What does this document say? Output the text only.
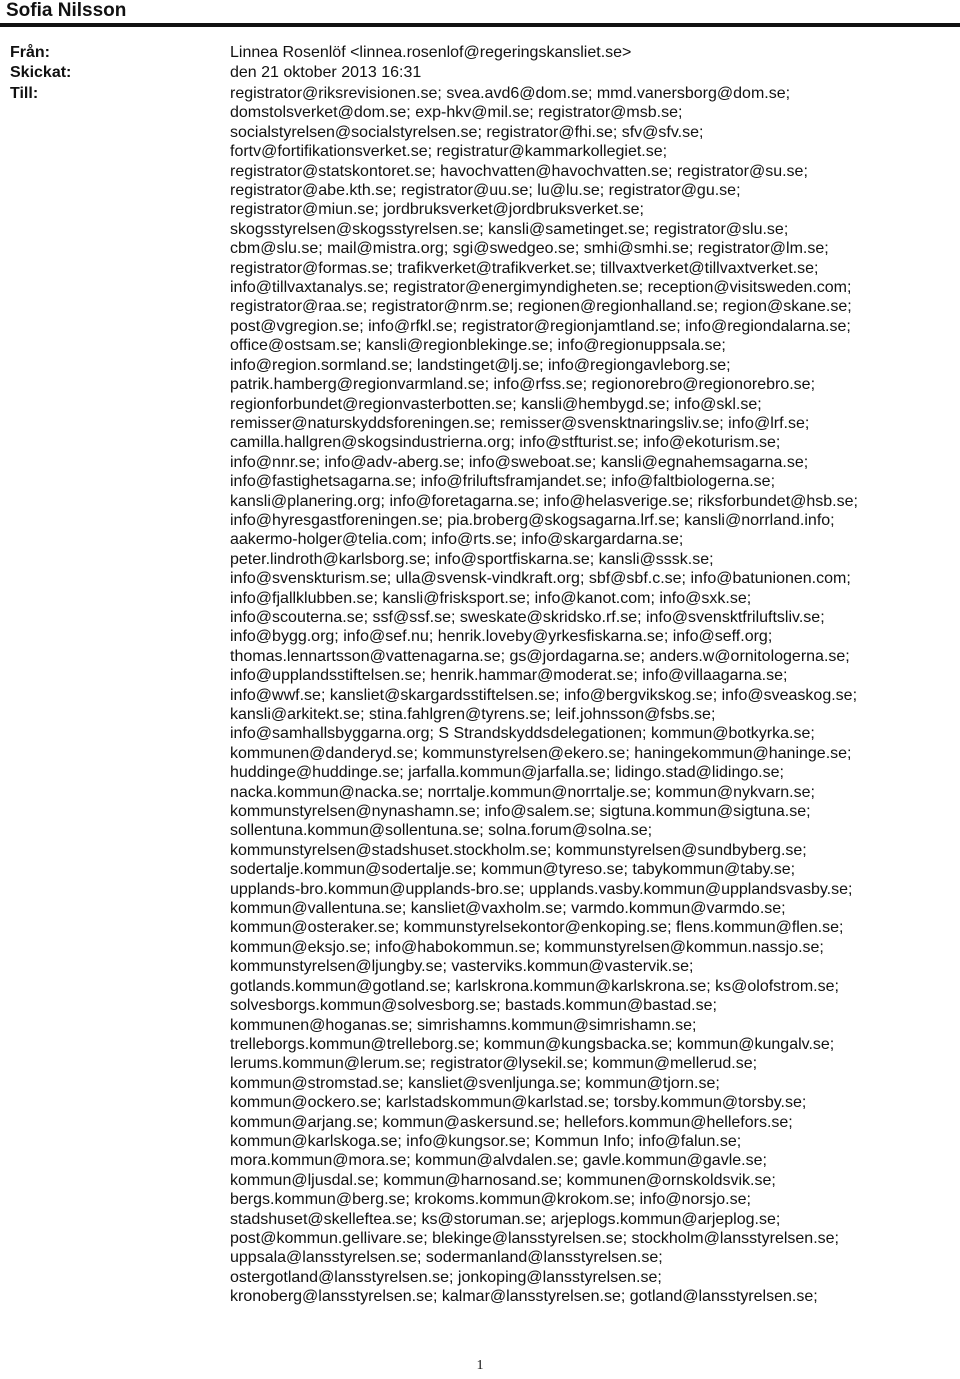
Sofia Nilsson
Från:	Linnea Rosenlöf <linnea.rosenlof@regeringskansliet.se>
Skickat:	den 21 oktober 2013 16:31
Till:	registrator@riksrevisionen.se; svea.avd6@dom.se; mmd.vanersborg@dom.se;
domstolsverket@dom.se; exp-hkv@mil.se; registrator@msb.se;
socialstyrelsen@socialstyrelsen.se; registrator@fhi.se; sfv@sfv.se;
fortv@fortifikationsverket.se; registratur@kammarkollegiet.se;
registrator@statskontoret.se; havochvatten@havochvatten.se; registrator@su.se;
registrator@abe.kth.se; registrator@uu.se; lu@lu.se; registrator@gu.se;
registrator@miun.se; jordbruksverket@jordbruksverket.se;
skogsstyrelsen@skogsstyrelsen.se; kansli@sametinget.se; registrator@slu.se;
cbm@slu.se; mail@mistra.org; sgi@swedgeo.se; smhi@smhi.se; registrator@lm.se;
registrator@formas.se; trafikverket@trafikverket.se; tillvaxtverket@tillvaxtverket.se;
info@tillvaxtanalys.se; registrator@energimyndigheten.se; reception@visitsweden.com;
registrator@raa.se; registrator@nrm.se; regionen@regionhalland.se; region@skane.se;
post@vgregion.se; info@rfkl.se; registrator@regionjamtland.se; info@regiondalarna.se;
office@ostsam.se; kansli@regionblekinge.se; info@regionuppsala.se;
info@region.sormland.se; landstinget@lj.se; info@regiongavleborg.se;
patrik.hamberg@regionvarmland.se; info@rfss.se; regionorebro@regionorebro.se;
regionforbundet@regionvasterbotten.se; kansli@hembygd.se; info@skl.se;
remisser@naturskyddsforeningen.se; remisser@svensktnaringsliv.se; info@lrf.se;
camilla.hallgren@skogsindustrierna.org; info@stfturist.se; info@ekoturism.se;
info@nnr.se; info@adv-aberg.se; info@sweboat.se; kansli@egnahemsagarna.se;
info@fastighetsagarna.se; info@friluftsframjandet.se; info@faltbiologerna.se;
kansli@planering.org; info@foretagarna.se; info@helasverige.se; riksforbundet@hsb.se;
info@hyresgastforeningen.se; pia.broberg@skogsagarna.lrf.se; kansli@norrland.info;
aakermo-holger@telia.com; info@rts.se; info@skargardarna.se;
peter.lindroth@karlsborg.se; info@sportfiskarna.se; kansli@sssk.se;
info@svenskturism.se; ulla@svensk-vindkraft.org; sbf@sbf.c.se; info@batunionen.com;
info@fjallklubben.se; kansli@frisksport.se; info@kanot.com; info@sxk.se;
info@scouterna.se; ssf@ssf.se; sweskate@skridsko.rf.se; info@svensktfriluftsliv.se;
info@bygg.org; info@sef.nu; henrik.loveby@yrkesfiskarna.se; info@seff.org;
thomas.lennartsson@vattenagarna.se; gs@jordagarna.se; anders.w@ornitologerna.se;
info@upplandsstiftelsen.se; henrik.hammar@moderat.se; info@villaagarna.se;
info@wwf.se; kansliet@skargardsstiftelsen.se; info@bergvikskog.se; info@sveaskog.se;
kansli@arkitekt.se; stina.fahlgren@tyrens.se; leif.johnsson@fsbs.se;
info@samhallsbyggarna.org; S Strandskyddsdelegationen; kommun@botkyrka.se;
kommunen@danderyd.se; kommunstyrelsen@ekero.se; haningekommun@haninge.se;
huddinge@huddinge.se; jarfalla.kommun@jarfalla.se; lidingo.stad@lidingo.se;
nacka.kommun@nacka.se; norrtalje.kommun@norrtalje.se; kommun@nykvarn.se;
kommunstyrelsen@nynashamn.se; info@salem.se; sigtuna.kommun@sigtuna.se;
sollentuna.kommun@sollentuna.se; solna.forum@solna.se;
kommunstyrelsen@stadshuset.stockholm.se; kommunstyrelsen@sundbyberg.se;
sodertalje.kommun@sodertalje.se; kommun@tyreso.se; tabykommun@taby.se;
upplands-bro.kommun@upplands-bro.se; upplands.vasby.kommun@upplandsvasby.se;
kommun@vallentuna.se; kansliet@vaxholm.se; varmdo.kommun@varmdo.se;
kommun@osteraker.se; kommunstyrelsekontor@enkoping.se; flens.kommun@flen.se;
kommun@eksjo.se; info@habokommun.se; kommunstyrelsen@kommun.nassjo.se;
kommunstyrelsen@ljungby.se; vasterviks.kommun@vastervik.se;
gotlands.kommun@gotland.se; karlskrona.kommun@karlskrona.se; ks@olofstrom.se;
solvesborgs.kommun@solvesborg.se; bastads.kommun@bastad.se;
kommunen@hoganas.se; simrishamns.kommun@simrishamn.se;
trelleborgs.kommun@trelleborg.se; kommun@kungsbacka.se; kommun@kungalv.se;
lerums.kommun@lerum.se; registrator@lysekil.se; kommun@mellerud.se;
kommun@stromstad.se; kansliet@svenljunga.se; kommun@tjorn.se;
kommun@ockero.se; karlstadskommun@karlstad.se; torsby.kommun@torsby.se;
kommun@arjang.se; kommun@askersund.se; hellefors.kommun@hellefors.se;
kommun@karlskoga.se; info@kungsor.se; Kommun Info; info@falun.se;
mora.kommun@mora.se; kommun@alvdalen.se; gavle.kommun@gavle.se;
kommun@ljusdal.se; kommun@harnosand.se; kommunen@ornskoldsvik.se;
bergs.kommun@berg.se; krokoms.kommun@krokom.se; info@norsjo.se;
stadshuset@skelleftea.se; ks@storuman.se; arjeplogs.kommun@arjeplog.se;
post@kommun.gellivare.se; blekinge@lansstyrelsen.se; stockholm@lansstyrelsen.se;
uppsala@lansstyrelsen.se; sodermanland@lansstyrelsen.se;
ostergotland@lansstyrelsen.se; jonkoping@lansstyrelsen.se;
kronoberg@lansstyrelsen.se; kalmar@lansstyrelsen.se; gotland@lansstyrelsen.se;
1
